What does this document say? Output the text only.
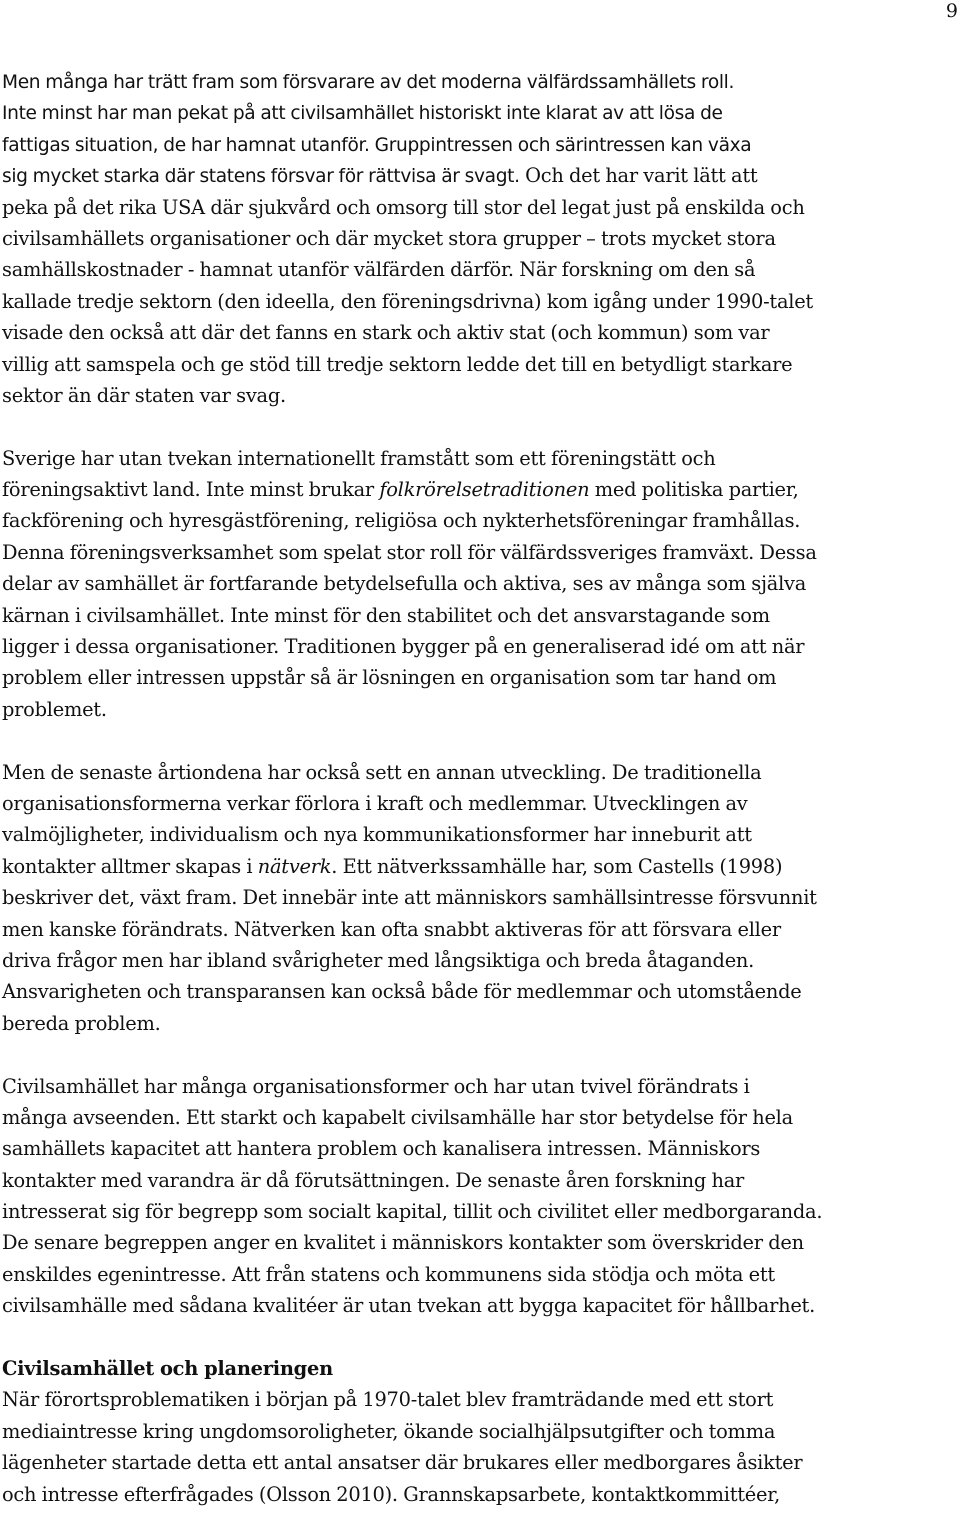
9
Men många har trätt fram som försvarare av det moderna välfärdssamhällets roll.
Inte minst har man pekat på att civilsamhället historiskt inte klarat av att lösa de
fattigas situation, de har hamnat utanför. Gruppintressen och särintressen kan växa
sig mycket starka där statens försvar för rättvisa är svagt. Och det har varit lätt att
peka på det rika USA där sjukvård och omsorg till stor del legat just på enskilda och
civilsamhällets organisationer och där mycket stora grupper – trots mycket stora
samhällskostnader - hamnat utanför välfärden därför. När forskning om den så
kallade tredje sektorn (den ideella, den föreningsdrivna) kom igång under 1990-talet
visade den också att där det fanns en stark och aktiv stat (och kommun) som var
villig att samspela och ge stöd till tredje sektorn ledde det till en betydligt starkare
sektor än där staten var svag.
Sverige har utan tvekan internationellt framstått som ett föreningstätt och
föreningsaktivt land. Inte minst brukar folkrörelsetraditionen med politiska partier,
fackförening och hyresgästförening, religiösa och nykterhetsföreningar framhållas.
Denna föreningsverksamhet som spelat stor roll för välfärdssveriges framväxt. Dessa
delar av samhället är fortfarande betydelsefulla och aktiva, ses av många som själva
kärnan i civilsamhället. Inte minst för den stabilitet och det ansvarstagande som
ligger i dessa organisationer. Traditionen bygger på en generaliserad idé om att när
problem eller intressen uppstår så är lösningen en organisation som tar hand om
problemet.
Men de senaste årtiondena har också sett en annan utveckling. De traditionella
organisationsformerna verkar förlora i kraft och medlemmar. Utvecklingen av
valmöjligheter, individualism och nya kommunikationsformer har inneburit att
kontakter alltmer skapas i nätverk. Ett nätverkssamhälle har, som Castells (1998)
beskriver det, växt fram. Det innebär inte att människors samhällsintresse försvunnit
men kanske förändrats. Nätverken kan ofta snabbt aktiveras för att försvara eller
driva frågor men har ibland svårigheter med långsiktiga och breda åtaganden.
Ansvarigheten och transparansen kan också både för medlemmar och utomstående
bereda problem.
Civilsamhället har många organisationsformer och har utan tvivel förändrats i
många avseenden. Ett starkt och kapabelt civilsamhälle har stor betydelse för hela
samhällets kapacitet att hantera problem och kanalisera intressen. Människors
kontakter med varandra är då förutsättningen. De senaste åren forskning har
intresserat sig för begrepp som socialt kapital, tillit och civilitet eller medborgaranda.
De senare begreppen anger en kvalitet i människors kontakter som överskrider den
enskildes egenintresse. Att från statens och kommunens sida stödja och möta ett
civilsamhälle med sådana kvalitéer är utan tvekan att bygga kapacitet för hållbarhet.
Civilsamhället och planeringen
När förortsproblematiken i början på 1970-talet blev framträdande med ett stort
mediaintresse kring ungdomsoroligheter, ökande socialhjälpsutgifter och tomma
lägenheter startade detta ett antal ansatser där brukares eller medborgares åsikter
och intresse efterfrågades (Olsson 2010). Grannskapsarbete, kontaktkommittéer,
